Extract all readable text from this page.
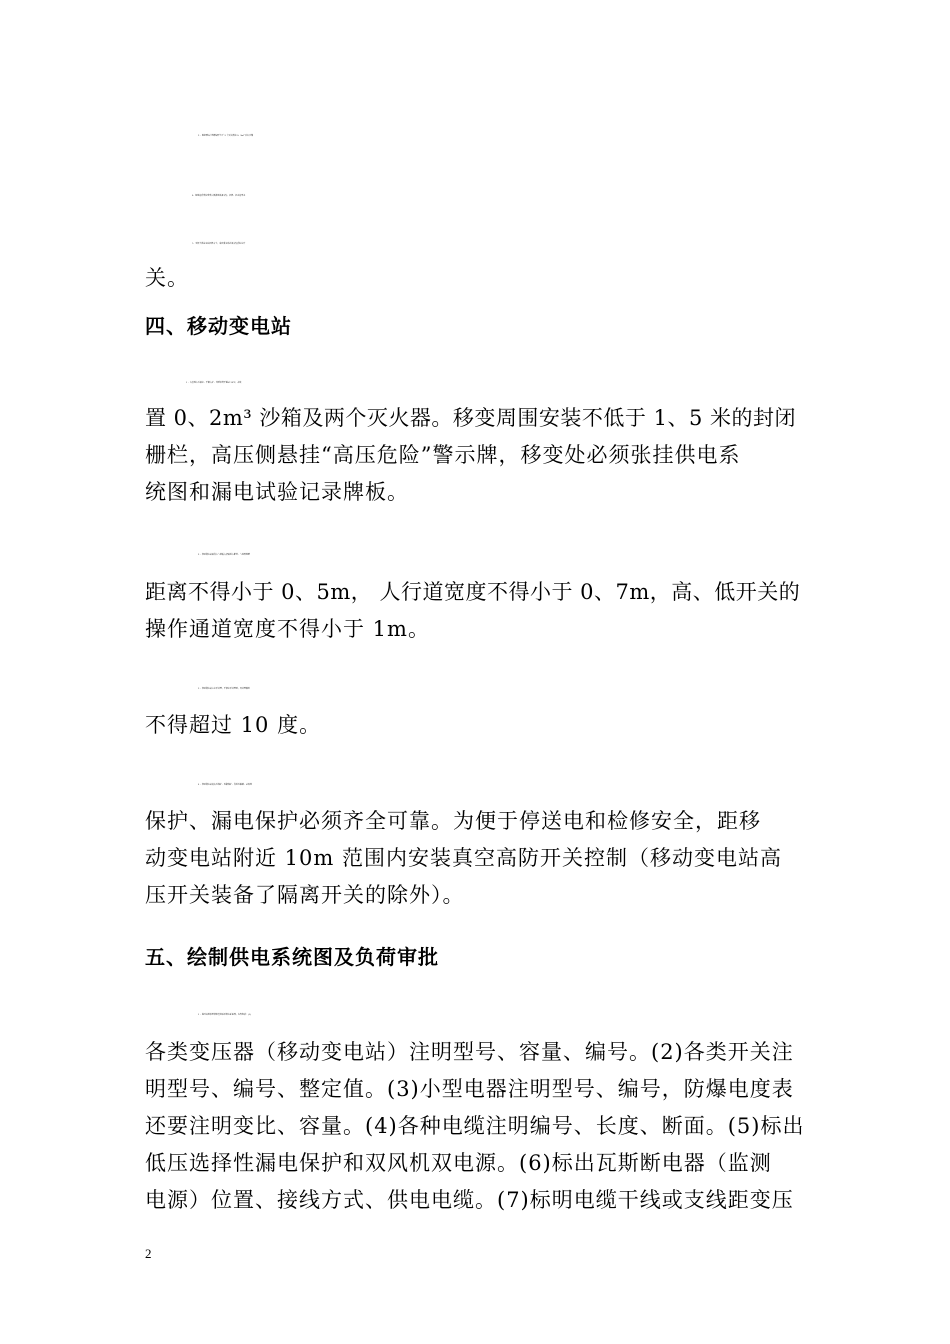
3 、峒室两头分别配备不少于 2 个灭火器和 0、2m³ 灭火沙箱
4、峒室的高度和宽度应能满足设备安装、检修、检查的要求
5、为便于停送电和检修安全，采区变电所必须安装高防总开
关。
四、移动变电站
1 、安装地点无淋水、不燃支护、环境温度不超过 30℃，并设
置 0、2m³ 沙箱及两个灭火器。移变周围安装不低于 1、5 米的封闭
栅栏，高压侧悬挂“高压危险”警示牌，移变处必须张挂供电系
统图和漏电试验记录牌板。
2 、移动变电站最高点与顶板支架最低点距离、与周围巷壁
距离不得小于 0、5m， 人行道宽度不得小于 0、7m，高、低开关的
操作通道宽度不得小于 1m。
3 、移动变电站应水平放置，不能水平放置时，其放置倾角
不得超过 10 度。
4 、移动变电站的欠压保护、短路保护、高低压联锁、过负荷
保护、漏电保护必须齐全可靠。为便于停送电和检修安全，距移
动变电站附近 10m 范围内安装真空高防开关控制（移动变电站高
压开关装备了隔离开关的除外）。
五、绘制供电系统图及负荷审批
1 、每月按标准用微机绘制采区供电系统图。内容包括：(1)
各类变压器（移动变电站）注明型号、容量、编号。(2)各类开关注
明型号、编号、整定值。(3)小型电器注明型号、编号，防爆电度表
还要注明变比、容量。(4)各种电缆注明编号、长度、断面。(5)标出
低压选择性漏电保护和双风机双电源。(6)标出瓦斯断电器（监测
电源）位置、接线方式、供电电缆。(7)标明电缆干线或支线距变压
2
